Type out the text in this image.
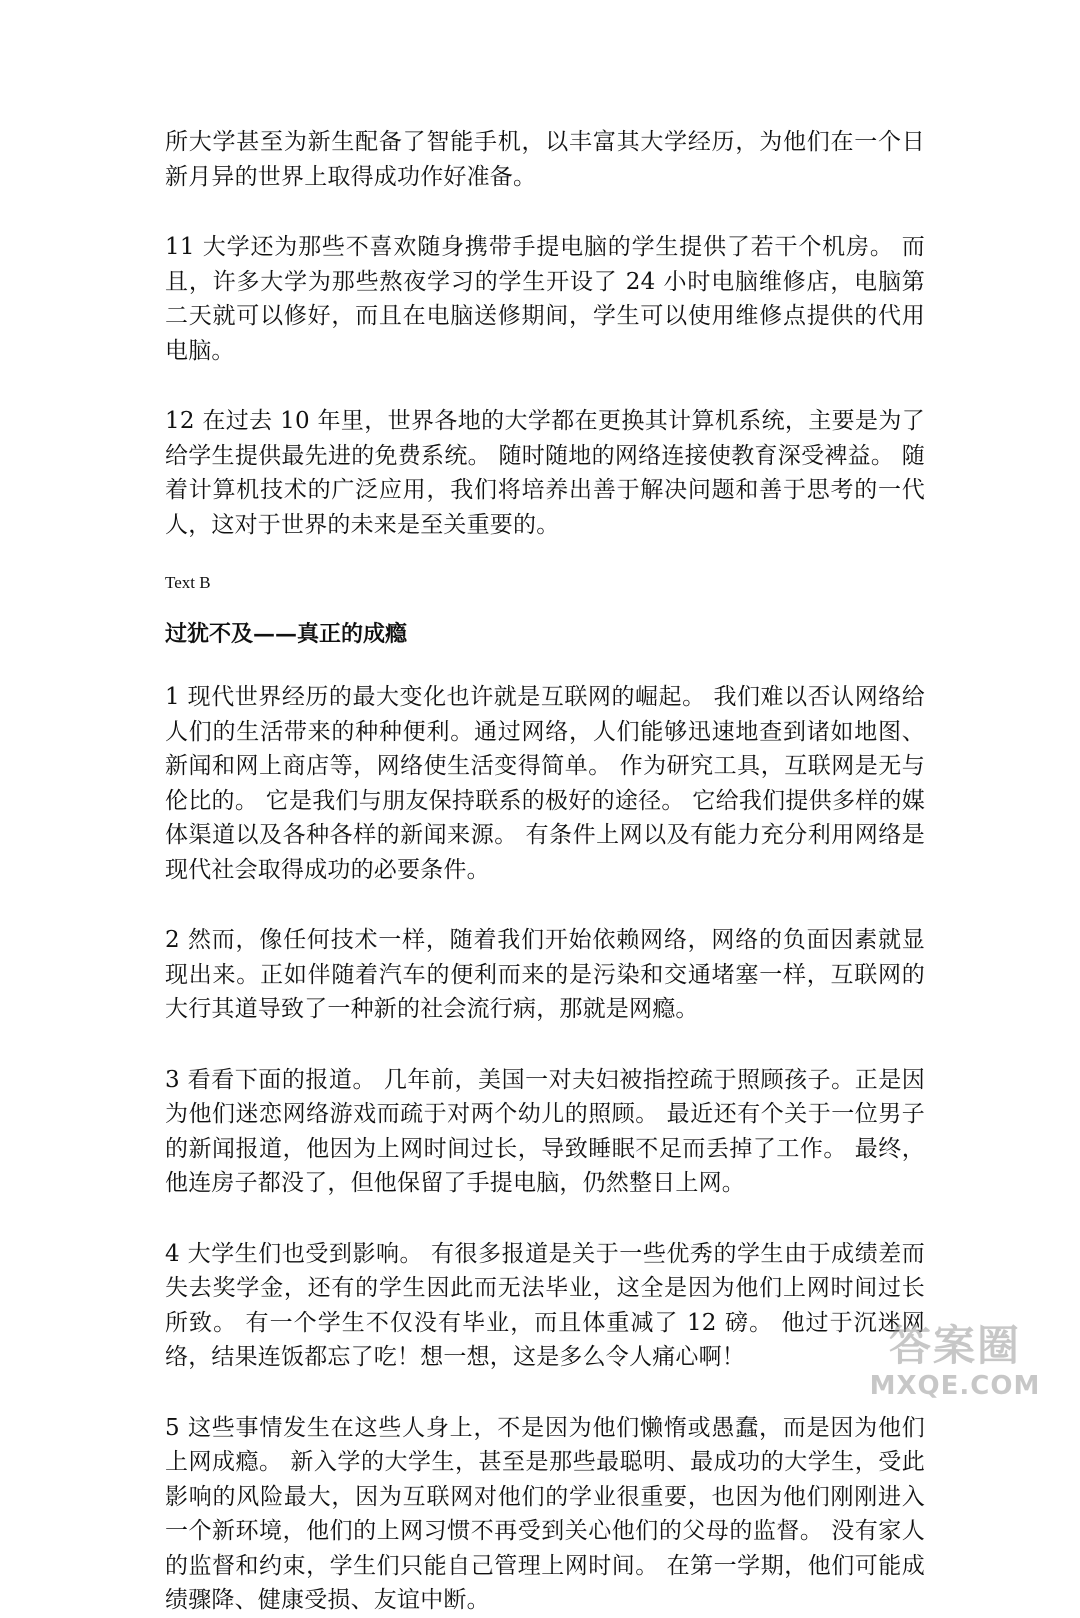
所大学甚至为新生配备了智能手机，以丰富其大学经历，为他们在一个日新月异的世界上取得成功作好准备。

11 大学还为那些不喜欢随身携带手提电脑的学生提供了若干个机房。 而且，许多大学为那些熬夜学习的学生开设了 24 小时电脑维修店，电脑第二天就可以修好，而且在电脑送修期间，学生可以使用维修点提供的代用电脑。

12 在过去 10 年里，世界各地的大学都在更换其计算机系统，主要是为了给学生提供最先进的免费系统。 随时随地的网络连接使教育深受裨益。 随着计算机技术的广泛应用，我们将培养出善于解决问题和善于思考的一代人，这对于世界的未来是至关重要的。

Text B

过犹不及——真正的成瘾

1 现代世界经历的最大变化也许就是互联网的崛起。 我们难以否认网络给人们的生活带来的种种便利。通过网络，人们能够迅速地查到诸如地图、新闻和网上商店等，网络使生活变得简单。 作为研究工具，互联网是无与伦比的。 它是我们与朋友保持联系的极好的途径。 它给我们提供多样的媒体渠道以及各种各样的新闻来源。 有条件上网以及有能力充分利用网络是现代社会取得成功的必要条件。

2 然而，像任何技术一样，随着我们开始依赖网络，网络的负面因素就显现出来。正如伴随着汽车的便利而来的是污染和交通堵塞一样，互联网的大行其道导致了一种新的社会流行病，那就是网瘾。

3 看看下面的报道。 几年前，美国一对夫妇被指控疏于照顾孩子。正是因为他们迷恋网络游戏而疏于对两个幼儿的照顾。 最近还有个关于一位男子的新闻报道，他因为上网时间过长，导致睡眠不足而丢掉了工作。 最终，他连房子都没了，但他保留了手提电脑，仍然整日上网。

4 大学生们也受到影响。 有很多报道是关于一些优秀的学生由于成绩差而失去奖学金，还有的学生因此而无法毕业，这全是因为他们上网时间过长所致。 有一个学生不仅没有毕业，而且体重减了 12 磅。 他过于沉迷网络，结果连饭都忘了吃！想一想，这是多么令人痛心啊！

5 这些事情发生在这些人身上，不是因为他们懒惰或愚蠢，而是因为他们上网成瘾。 新入学的大学生，甚至是那些最聪明、最成功的大学生，受此影响的风险最大，因为互联网对他们的学业很重要，也因为他们刚刚进入一个新环境，他们的上网习惯不再受到关心他们的父母的监督。 没有家人的监督和约束，学生们只能自己管理上网时间。 在第一学期，他们可能成绩骤降、健康受损、友谊中断。

答案圈
MXQE.COM
